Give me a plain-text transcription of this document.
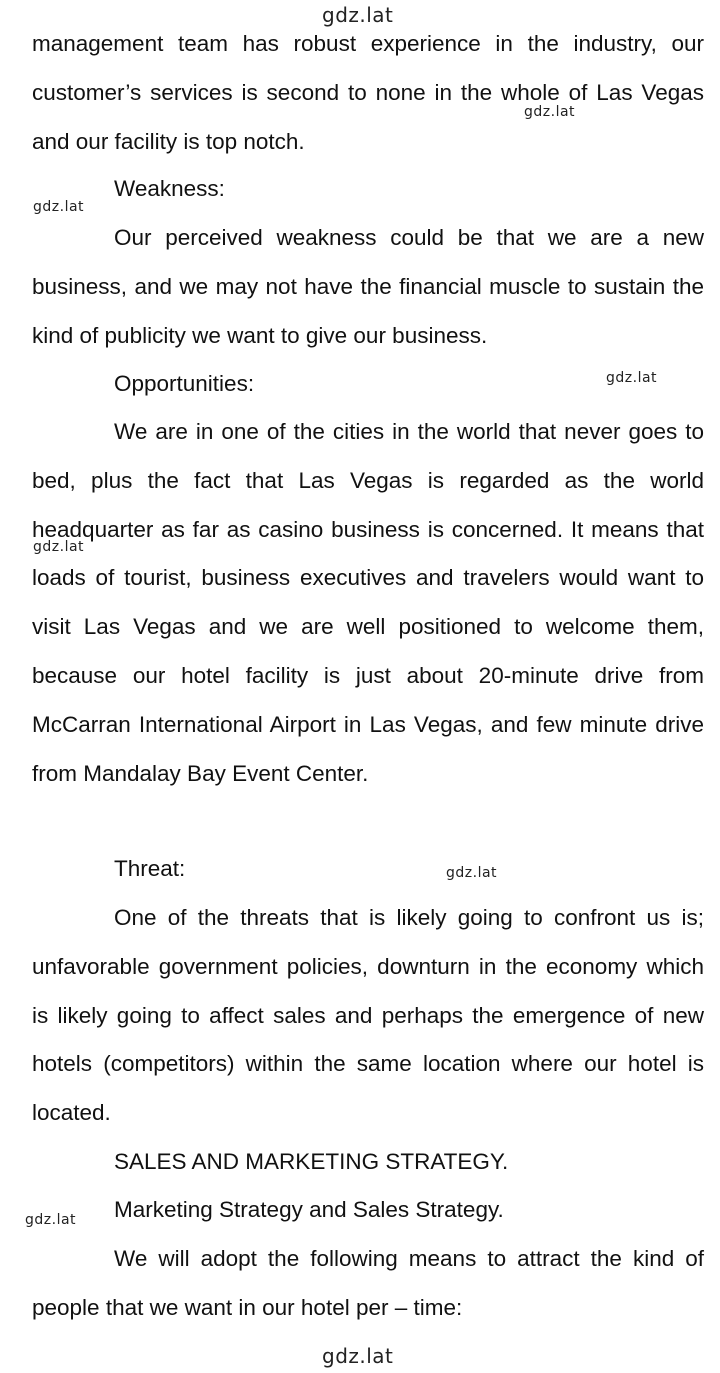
gdz.lat
gdz.lat
gdz.lat
gdz.lat
gdz.lat
gdz.lat
gdz.lat
gdz.lat

management team has robust experience in the industry, our customer’s services is second to none in the whole of Las Vegas and our facility is top notch.

Weakness:

Our perceived weakness could be that we are a new business, and we may not have the financial muscle to sustain the kind of publicity we want to give our business.

Opportunities:

We are in one of the cities in the world that never goes to bed, plus the fact that Las Vegas is regarded as the world headquarter as far as casino business is concerned. It means that loads of tourist, business executives and travelers would want to visit Las Vegas and we are well positioned to welcome them, because our hotel facility is just about 20-minute drive from McCarran International Airport in Las Vegas, and few minute drive from Mandalay Bay Event Center.

Threat:

One of the threats that is likely going to confront us is; unfavorable government policies, downturn in the economy which is likely going to affect sales and perhaps the emergence of new hotels (competitors) within the same location where our hotel is located.

SALES AND MARKETING STRATEGY.

Marketing Strategy and Sales Strategy.

We will adopt the following means to attract the kind of people that we want in our hotel per – time:
